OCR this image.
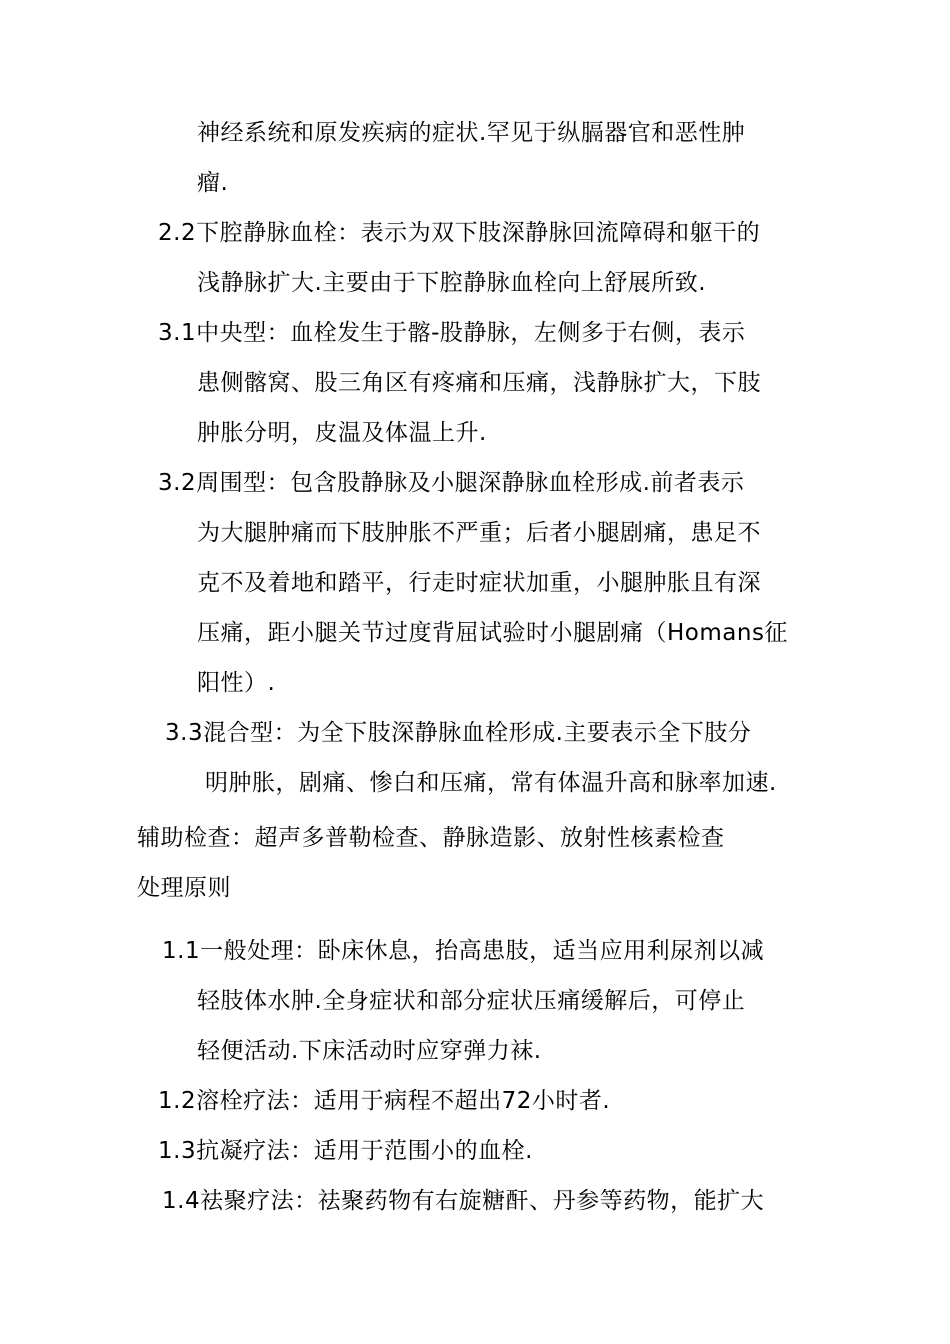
神经系统和原发疾病的症状.罕见于纵膈器官和恶性肿
瘤.
2.2下腔静脉血栓：表示为双下肢深静脉回流障碍和躯干的
浅静脉扩大.主要由于下腔静脉血栓向上舒展所致.
3.1中央型：血栓发生于髂-股静脉，左侧多于右侧，表示
患侧髂窝、股三角区有疼痛和压痛，浅静脉扩大，下肢
肿胀分明，皮温及体温上升.
3.2周围型：包含股静脉及小腿深静脉血栓形成.前者表示
为大腿肿痛而下肢肿胀不严重；后者小腿剧痛，患足不
克不及着地和踏平，行走时症状加重，小腿肿胀且有深
压痛，距小腿关节过度背屈试验时小腿剧痛（Homans征
阳性）.
3.3混合型：为全下肢深静脉血栓形成.主要表示全下肢分
明肿胀，剧痛、惨白和压痛，常有体温升高和脉率加速.
辅助检查：超声多普勒检查、静脉造影、放射性核素检查
处理原则
1.1一般处理：卧床休息，抬高患肢，适当应用利尿剂以减
轻肢体水肿.全身症状和部分症状压痛缓解后，可停止
轻便活动.下床活动时应穿弹力袜.
1.2溶栓疗法：适用于病程不超出72小时者.
1.3抗凝疗法：适用于范围小的血栓.
1.4祛聚疗法：祛聚药物有右旋糖酐、丹参等药物，能扩大
